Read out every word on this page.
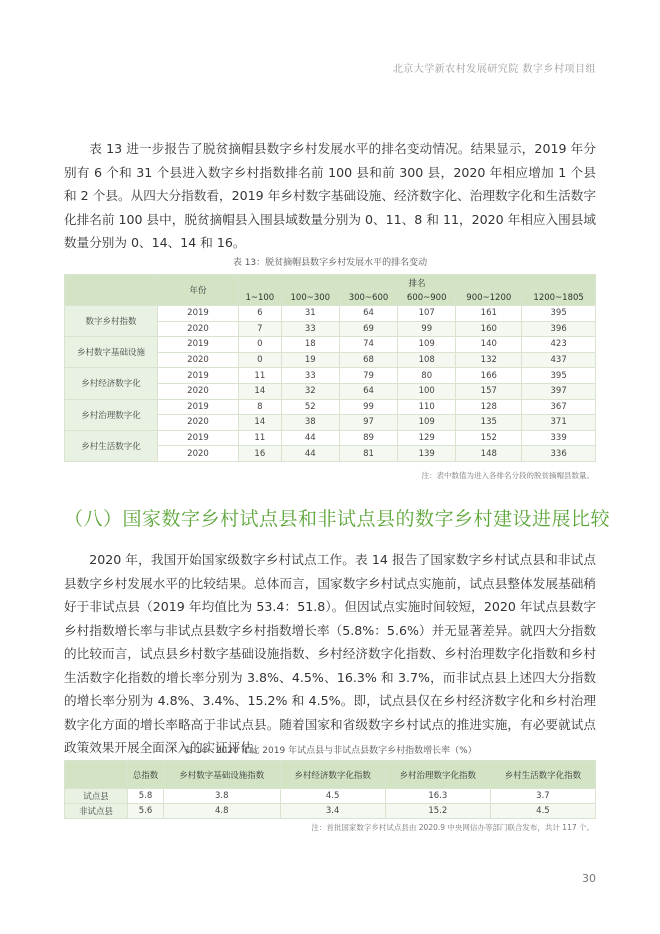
北京大学新农村发展研究院 数字乡村项目组

表 13 进一步报告了脱贫摘帽县数字乡村发展水平的排名变动情况。结果显示，2019 年分别有 6 个和 31 个县进入数字乡村指数排名前 100 县和前 300 县，2020 年相应增加 1 个县和 2 个县。从四大分指数看，2019 年乡村数字基础设施、经济数字化、治理数字化和生活数字化排名前 100 县中，脱贫摘帽县入围县域数量分别为 0、11、8 和 11，2020 年相应入围县域数量分别为 0、14、14 和 16。

表 13：脱贫摘帽县数字乡村发展水平的排名变动
	年份	排名					
		1~100	100~300	300~600	600~900	900~1200	1200~1805
数字乡村指数	2019	6	31	64	107	161	395
	2020	7	33	69	99	160	396
乡村数字基础设施	2019	0	18	74	109	140	423
	2020	0	19	68	108	132	437
乡村经济数字化	2019	11	33	79	80	166	395
	2020	14	32	64	100	157	397
乡村治理数字化	2019	8	52	99	110	128	367
	2020	14	38	97	109	135	371
乡村生活数字化	2019	11	44	89	129	152	339
	2020	16	44	81	139	148	336
注：表中数值为进入各排名分段的脱贫摘帽县数量。
（八）国家数字乡村试点县和非试点县的数字乡村建设进展比较

2020 年，我国开始国家级数字乡村试点工作。表 14 报告了国家数字乡村试点县和非试点县数字乡村发展水平的比较结果。总体而言，国家数字乡村试点实施前，试点县整体发展基础稍好于非试点县（2019 年均值比为 53.4：51.8）。但因试点实施时间较短，2020 年试点县数字乡村指数增长率与非试点县数字乡村指数增长率（5.8%：5.6%）并无显著差异。就四大分指数的比较而言，试点县乡村数字基础设施指数、乡村经济数字化指数、乡村治理数字化指数和乡村生活数字化指数的增长率分别为 3.8%、4.5%、16.3% 和 3.7%，而非试点县上述四大分指数的增长率分别为 4.8%、3.4%、15.2% 和 4.5%。即，试点县仅在乡村经济数字化和乡村治理数字化方面的增长率略高于非试点县。随着国家和省级数字乡村试点的推进实施，有必要就试点政策效果开展全面深入的实证评估。

表 14：2020 年比 2019 年试点县与非试点县数字乡村指数增长率（%）
	总指数	乡村数字基础设施指数	乡村经济数字化指数	乡村治理数字化指数	乡村生活数字化指数
试点县	5.8	3.8	4.5	16.3	3.7
非试点县	5.6	4.8	3.4	15.2	4.5
注：首批国家数字乡村试点县由 2020.9 中央网信办等部门联合发布，共计 117 个。
30
